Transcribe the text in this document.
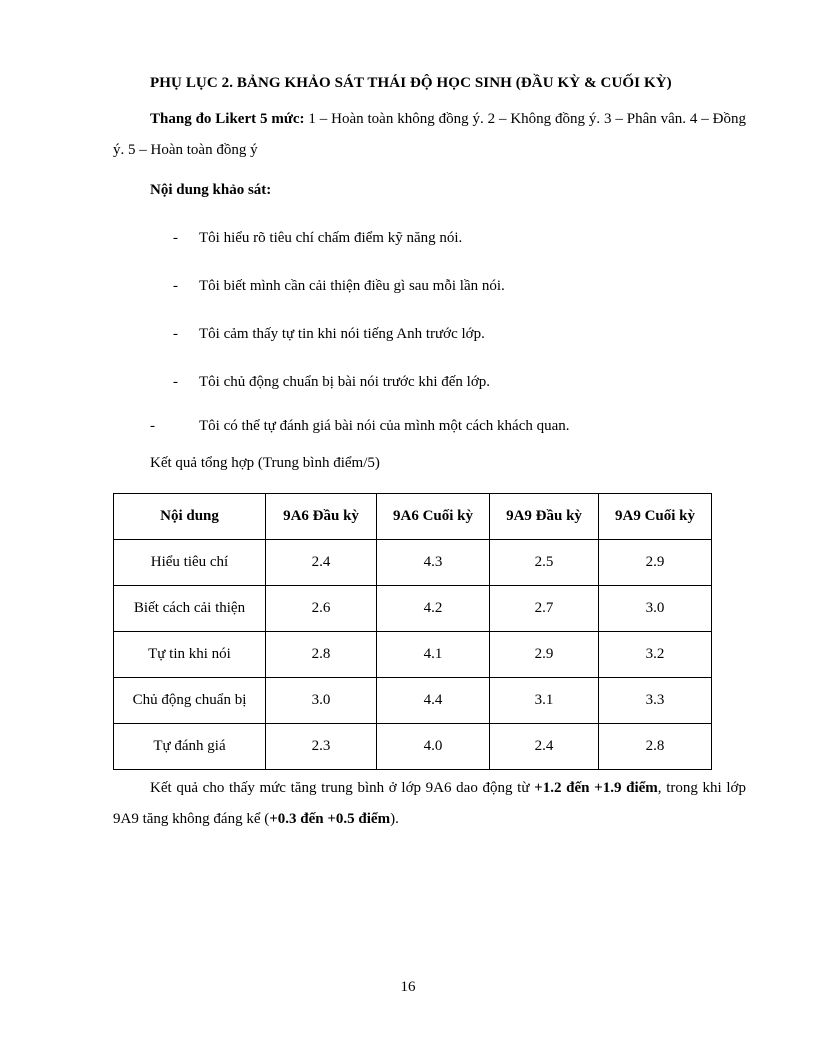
PHỤ LỤC 2. BẢNG KHẢO SÁT THÁI ĐỘ HỌC SINH (ĐẦU KỲ & CUỐI KỲ)
Thang đo Likert 5 mức: 1 – Hoàn toàn không đồng ý. 2 – Không đồng ý. 3 – Phân vân. 4 – Đồng ý. 5 – Hoàn toàn đồng ý
Nội dung khảo sát:
- Tôi hiểu rõ tiêu chí chấm điểm kỹ năng nói.
- Tôi biết mình cần cải thiện điều gì sau mỗi lần nói.
- Tôi cảm thấy tự tin khi nói tiếng Anh trước lớp.
- Tôi chủ động chuẩn bị bài nói trước khi đến lớp.
-	Tôi có thể tự đánh giá bài nói của mình một cách khách quan.
Kết quả tổng hợp (Trung bình điểm/5)
Nội dung	9A6 Đầu kỳ	9A6 Cuối kỳ	9A9 Đầu kỳ	9A9 Cuối kỳ
Hiểu tiêu chí	2.4	4.3	2.5	2.9
Biết cách cải thiện	2.6	4.2	2.7	3.0
Tự tin khi nói	2.8	4.1	2.9	3.2
Chủ động chuẩn bị	3.0	4.4	3.1	3.3
Tự đánh giá	2.3	4.0	2.4	2.8
Kết quả cho thấy mức tăng trung bình ở lớp 9A6 dao động từ +1.2 đến +1.9 điểm, trong khi lớp 9A9 tăng không đáng kể (+0.3 đến +0.5 điểm).
16
